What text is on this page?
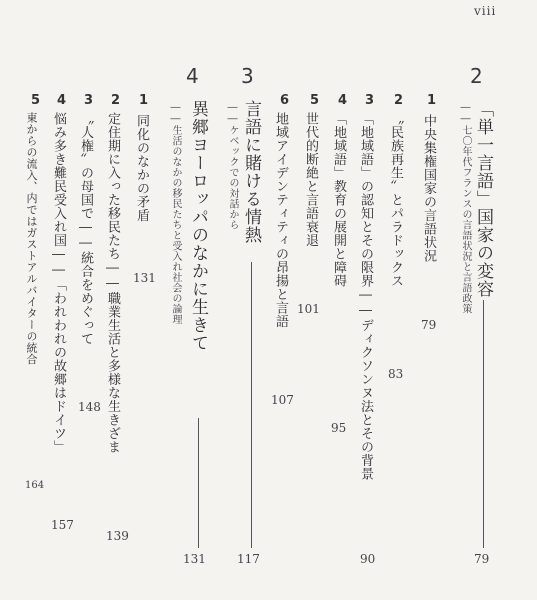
viii
2
「単一言語」国家の変容
――七〇年代フランスの言語状況と言語政策
79
1
中央集権国家の言語状況
79
2
〝民族再生〟とパラドックス
83
3
「地域語」の認知とその限界――ディクソンヌ法とその背景
90
4
「地域語」教育の展開と障碍
95
5
世代的断絶と言語衰退
101
6
地域アイデンティティの昂揚と言語
107
3
言語に賭ける情熱
――ケベックでの対話から
117
4
異郷ヨーロッパのなかに生きて
――生活のなかの移民たちと受入れ社会の論理
131
1
同化のなかの矛盾
131
2
定住期に入った移民たち――職業生活と多様な生きざま
139
3
〝人権〟の母国で――統合をめぐって
148
4
悩み多き難民受入れ国――「われわれの故郷はドイツ」
157
5
東からの流入、内ではガストアルバイターの統合
164
